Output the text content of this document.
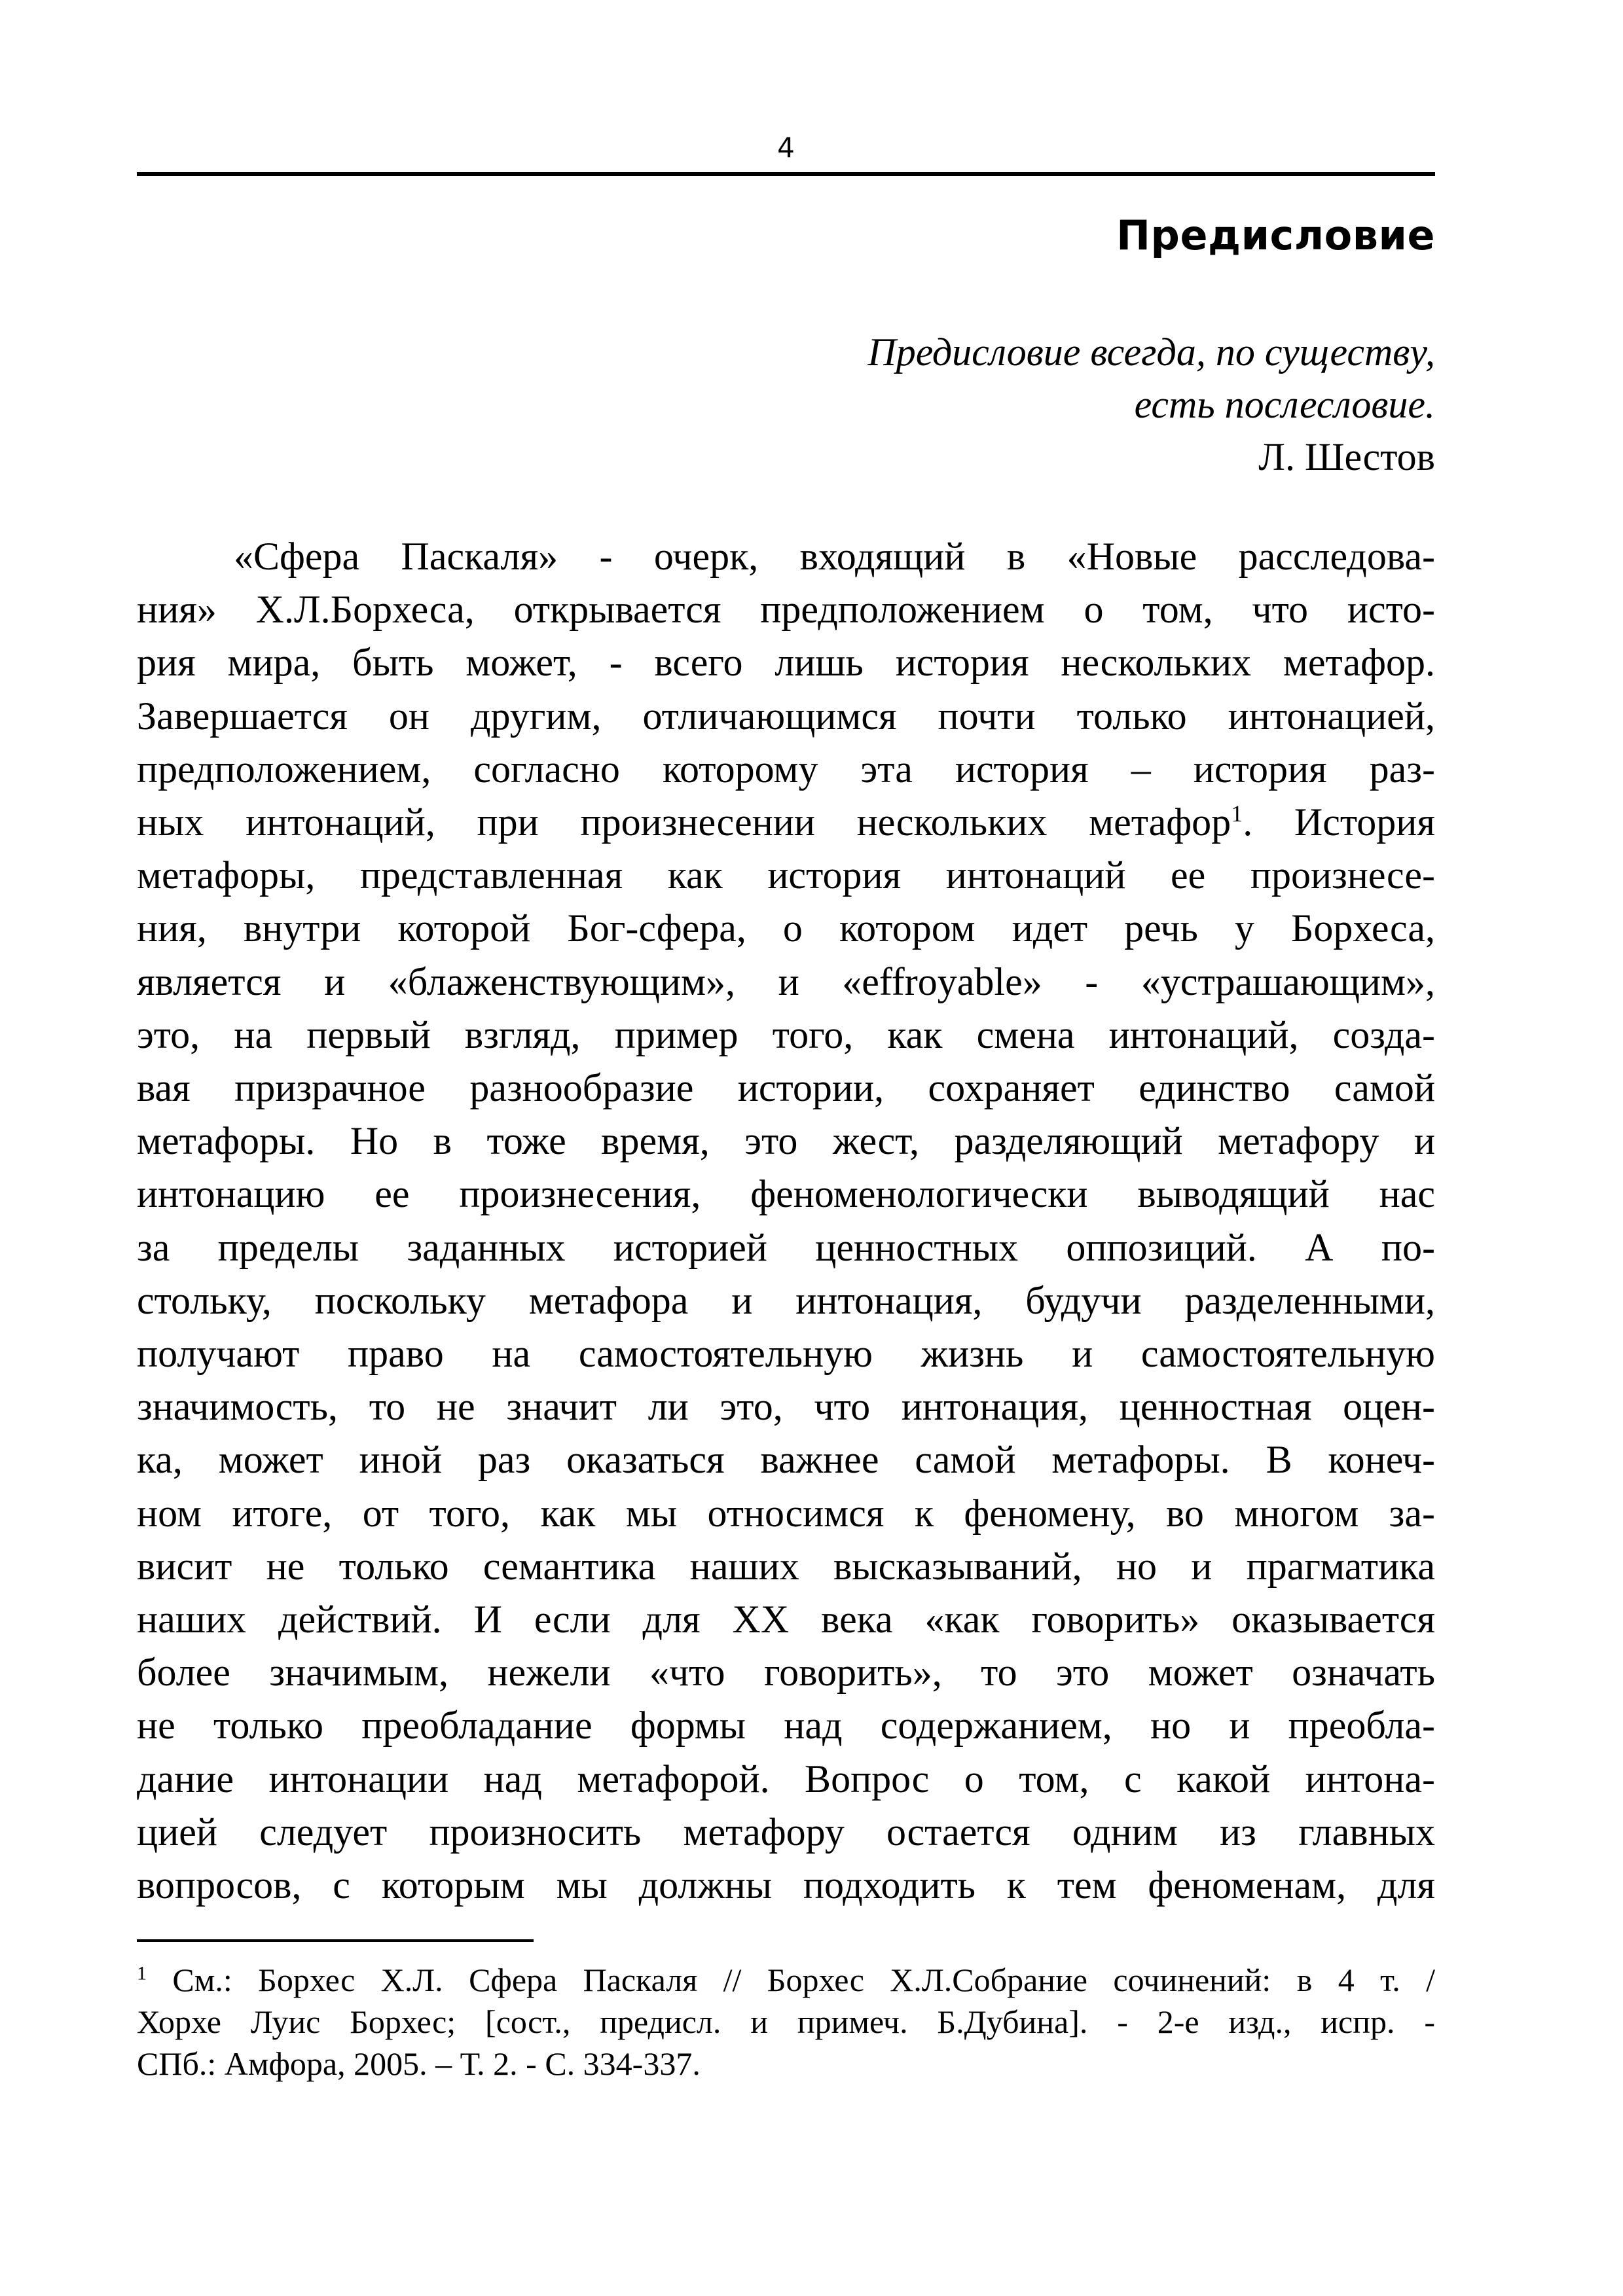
4
Предисловие
Предисловие всегда, по существу,
есть послесловие.
Л. Шестов
«Сфера Паскаля» - очерк, входящий в «Новые расследова-
ния» Х.Л.Борхеса, открывается предположением о том, что исто-
рия мира, быть может, - всего лишь история нескольких метафор.
Завершается он другим, отличающимся почти только интонацией,
предположением, согласно которому эта история – история раз-
ных интонаций, при произнесении нескольких метафор$^1$. История
метафоры, представленная как история интонаций ее произнесе-
ния, внутри которой Бог-сфера, о котором идет речь у Борхеса,
является и «блаженствующим», и «effroyable» - «устрашающим»,
это, на первый взгляд, пример того, как смена интонаций, созда-
вая призрачное разнообразие истории, сохраняет единство самой
метафоры. Но в тоже время, это жест, разделяющий метафору и
интонацию ее произнесения, феноменологически выводящий нас
за пределы заданных историей ценностных оппозиций. А по-
стольку, поскольку метафора и интонация, будучи разделенными,
получают право на самостоятельную жизнь и самостоятельную
значимость, то не значит ли это, что интонация, ценностная оцен-
ка, может иной раз оказаться важнее самой метафоры. В конеч-
ном итоге, от того, как мы относимся к феномену, во многом за-
висит не только семантика наших высказываний, но и прагматика
наших действий. И если для XX века «как говорить» оказывается
более значимым, нежели «что говорить», то это может означать
не только преобладание формы над содержанием, но и преобла-
дание интонации над метафорой. Вопрос о том, с какой интона-
цией следует произносить метафору остается одним из главных
вопросов, с которым мы должны подходить к тем феноменам, для
$^1$ См.: Борхес Х.Л. Сфера Паскаля // Борхес Х.Л.Собрание сочинений: в 4 т. /
Хорхе Луис Борхес; [сост., предисл. и примеч. Б.Дубина]. - 2-е изд., испр. -
СПб.: Амфора, 2005. – Т. 2. - С. 334-337.
